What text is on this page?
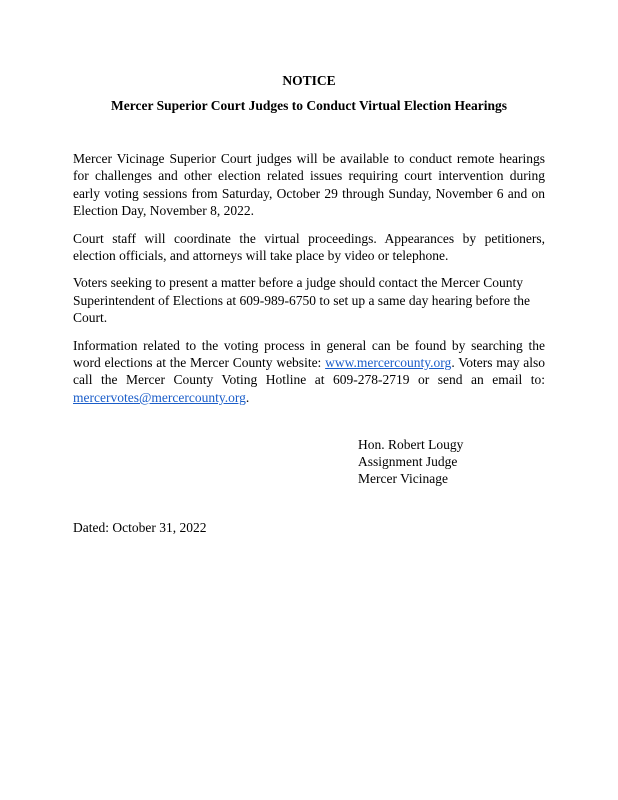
NOTICE
Mercer Superior Court Judges to Conduct Virtual Election Hearings

Mercer Vicinage Superior Court judges will be available to conduct remote hearings for challenges and other election related issues requiring court intervention during early voting sessions from Saturday, October 29 through Sunday, November 6 and on Election Day, November 8, 2022.

Court staff will coordinate the virtual proceedings. Appearances by petitioners, election officials, and attorneys will take place by video or telephone.

Voters seeking to present a matter before a judge should contact the Mercer County Superintendent of Elections at 609-989-6750 to set up a same day hearing before the Court.

Information related to the voting process in general can be found by searching the word elections at the Mercer County website: www.mercercounty.org. Voters may also call the Mercer County Voting Hotline at 609-278-2719 or send an email to: mercervotes@mercercounty.org.

Hon. Robert Lougy
Assignment Judge
Mercer Vicinage
Dated: October 31, 2022
